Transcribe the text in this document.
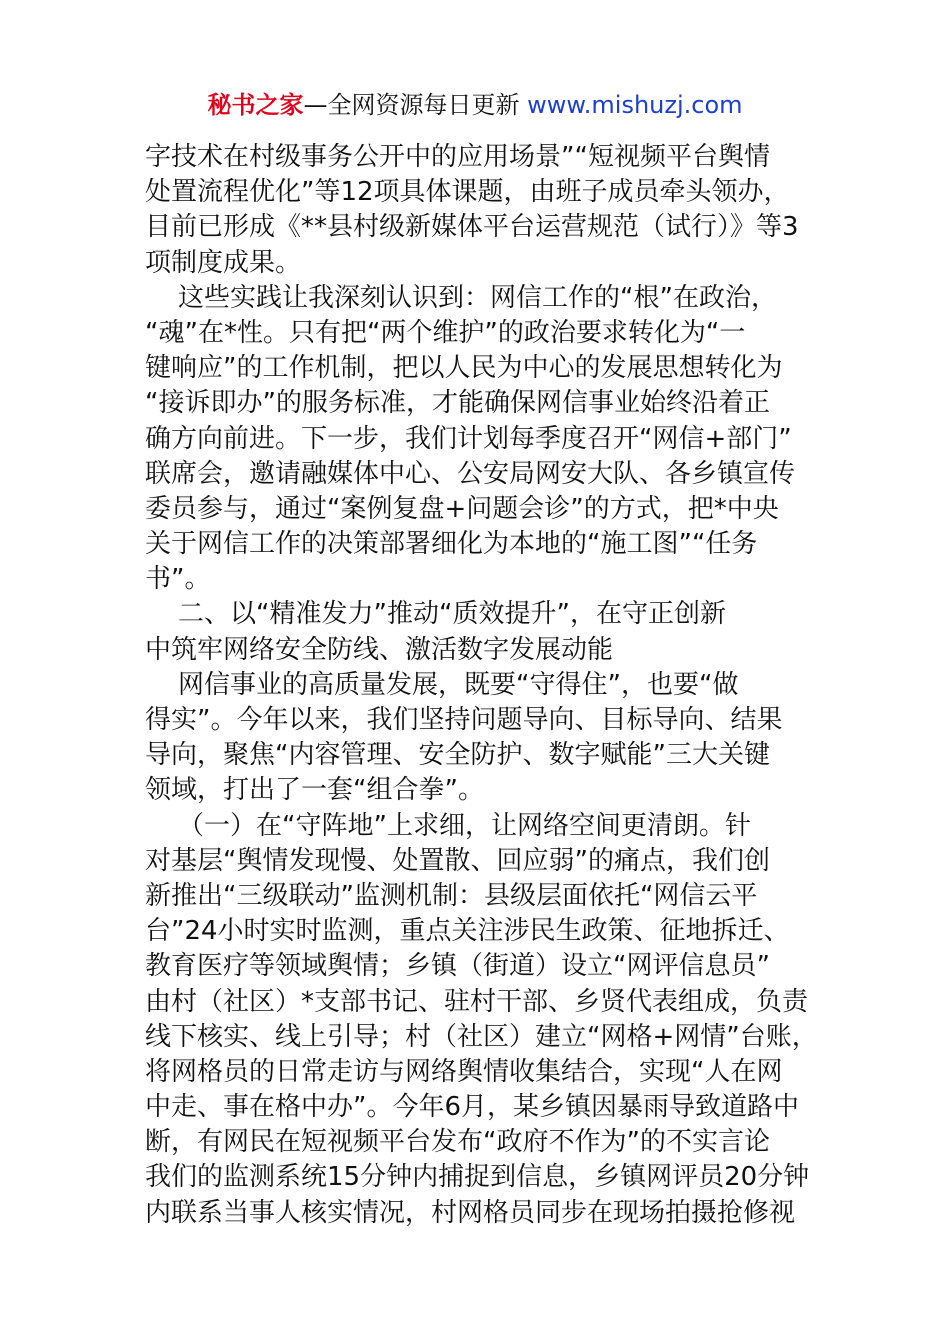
秘书之家—全网资源每日更新 www.mishuzj.com
字技术在村级事务公开中的应用场景”“短视频平台舆情
处置流程优化”等12项具体课题，由班子成员牵头领办，
目前已形成《**县村级新媒体平台运营规范（试行）》等3
项制度成果。
这些实践让我深刻认识到：网信工作的“根”在政治，
“魂”在*性。只有把“两个维护”的政治要求转化为“一
键响应”的工作机制，把以人民为中心的发展思想转化为
“接诉即办”的服务标准，才能确保网信事业始终沿着正
确方向前进。下一步，我们计划每季度召开“网信+部门”
联席会，邀请融媒体中心、公安局网安大队、各乡镇宣传
委员参与，通过“案例复盘+问题会诊”的方式，把*中央
关于网信工作的决策部署细化为本地的“施工图”“任务
书”。
二、以“精准发力”推动“质效提升”，在守正创新
中筑牢网络安全防线、激活数字发展动能
网信事业的高质量发展，既要“守得住”，也要“做
得实”。今年以来，我们坚持问题导向、目标导向、结果
导向，聚焦“内容管理、安全防护、数字赋能”三大关键
领域，打出了一套“组合拳”。
（一）在“守阵地”上求细，让网络空间更清朗。针
对基层“舆情发现慢、处置散、回应弱”的痛点，我们创
新推出“三级联动”监测机制：县级层面依托“网信云平
台”24小时实时监测，重点关注涉民生政策、征地拆迁、
教育医疗等领域舆情；乡镇（街道）设立“网评信息员”
由村（社区）*支部书记、驻村干部、乡贤代表组成，负责
线下核实、线上引导；村（社区）建立“网格+网情”台账，
将网格员的日常走访与网络舆情收集结合，实现“人在网
中走、事在格中办”。今年6月，某乡镇因暴雨导致道路中
断，有网民在短视频平台发布“政府不作为”的不实言论
我们的监测系统15分钟内捕捉到信息，乡镇网评员20分钟
内联系当事人核实情况，村网格员同步在现场拍摄抢修视
